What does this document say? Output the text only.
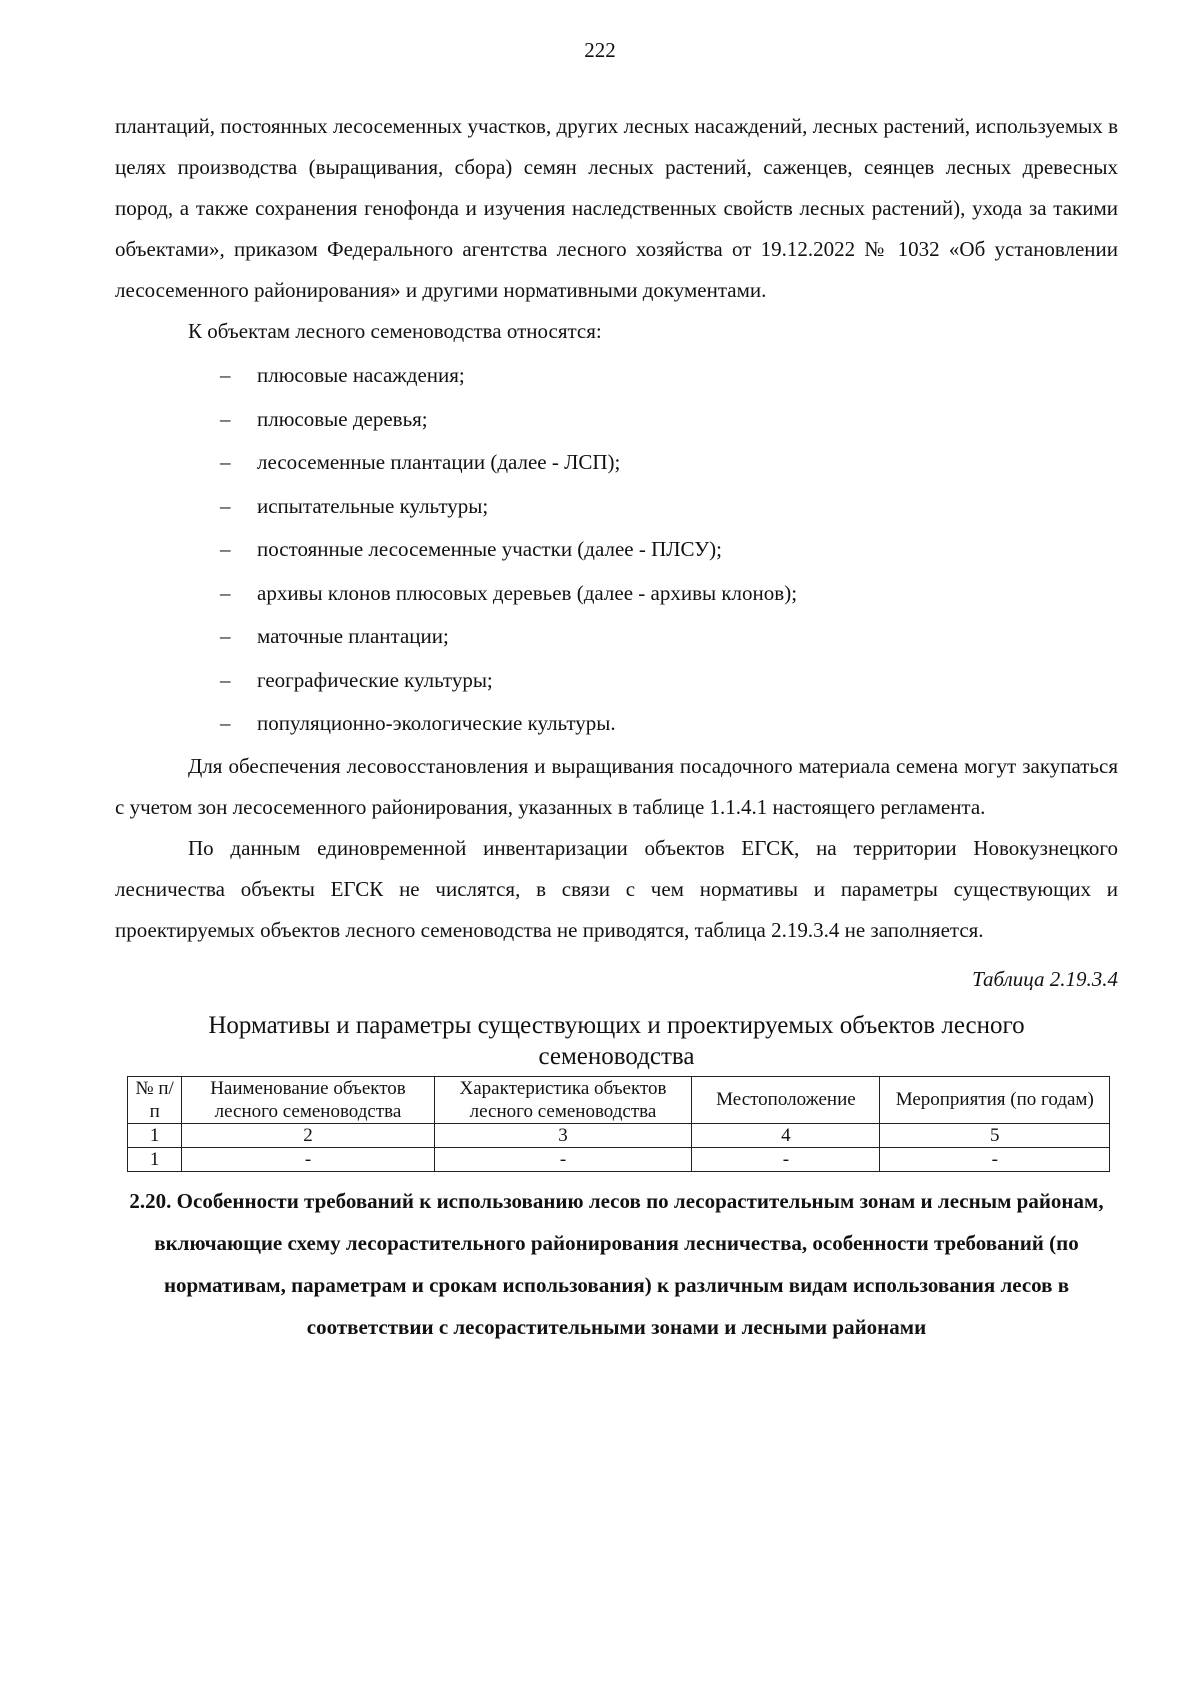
222

плантаций, постоянных лесосеменных участков, других лесных насаждений, лесных растений, используемых в целях производства (выращивания, сбора) семян лесных растений, саженцев, сеянцев лесных древесных пород, а также сохранения генофонда и изучения наследственных свойств лесных растений), ухода за такими объектами», приказом Федерального агентства лесного хозяйства от 19.12.2022 № 1032 «Об установлении лесосеменного районирования» и другими нормативными документами.

К объектам лесного семеноводства относятся:

– плюсовые насаждения;
– плюсовые деревья;
– лесосеменные плантации (далее - ЛСП);
– испытательные культуры;
– постоянные лесосеменные участки (далее - ПЛСУ);
– архивы клонов плюсовых деревьев (далее - архивы клонов);
– маточные плантации;
– географические культуры;
– популяционно-экологические культуры.

Для обеспечения лесовосстановления и выращивания посадочного материала семена могут закупаться с учетом зон лесосеменного районирования, указанных в таблице 1.1.4.1 настоящего регламента.

По данным единовременной инвентаризации объектов ЕГСК, на территории Новокузнецкого лесничества объекты ЕГСК не числятся, в связи с чем нормативы и параметры существующих и проектируемых объектов лесного семеноводства не приводятся, таблица 2.19.3.4 не заполняется.

Таблица 2.19.3.4
Нормативы и параметры существующих и проектируемых объектов лесного семеноводства
№ п/п	Наименование объектов лесного семеноводства	Характеристика объектов лесного семеноводства	Местоположение	Мероприятия (по годам)
1	2	3	4	5
1	-	-	-	-
2.20. Особенности требований к использованию лесов по лесорастительным зонам и лесным районам, включающие схему лесорастительного районирования лесничества, особенности требований (по нормативам, параметрам и срокам использования) к различным видам использования лесов в соответствии с лесорастительными зонами и лесными районами
